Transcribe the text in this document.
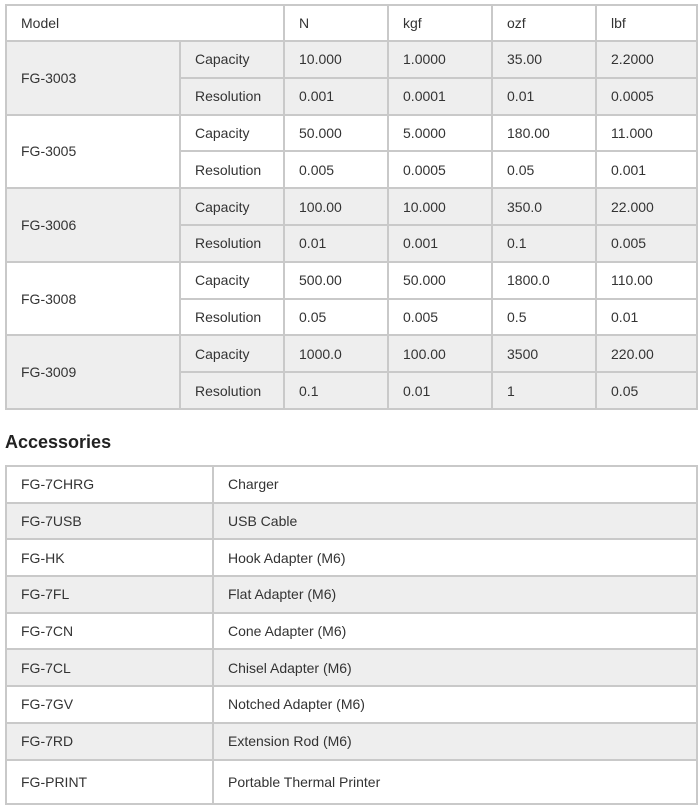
Model		N	kgf	ozf	lbf
FG-3003	Capacity	10.000	1.0000	35.00	2.2000
	Resolution	0.001	0.0001	0.01	0.0005
FG-3005	Capacity	50.000	5.0000	180.00	11.000
	Resolution	0.005	0.0005	0.05	0.001
FG-3006	Capacity	100.00	10.000	350.0	22.000
	Resolution	0.01	0.001	0.1	0.005
FG-3008	Capacity	500.00	50.000	1800.0	110.00
	Resolution	0.05	0.005	0.5	0.01
FG-3009	Capacity	1000.0	100.00	3500	220.00
	Resolution	0.1	0.01	1	0.05
Accessories
FG-7CHRG	Charger
FG-7USB	USB Cable
FG-HK	Hook Adapter (M6)
FG-7FL	Flat Adapter (M6)
FG-7CN	Cone Adapter (M6)
FG-7CL	Chisel Adapter (M6)
FG-7GV	Notched Adapter (M6)
FG-7RD	Extension Rod (M6)
FG-PRINT	Portable Thermal Printer
